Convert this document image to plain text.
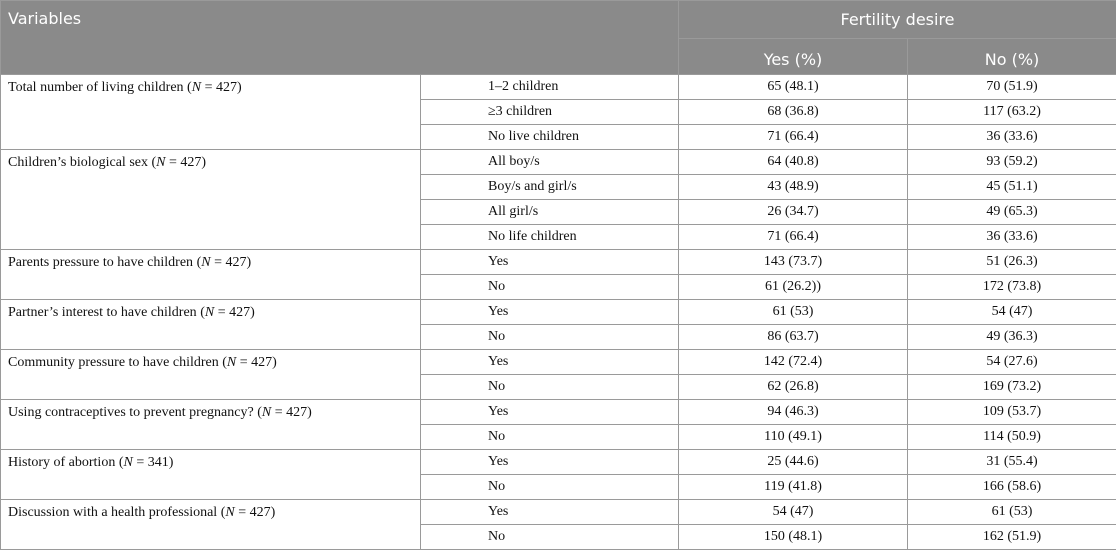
Variables		Fertility desire	
		Yes (%)	No (%)
Total number of living children (N = 427)	1–2 children	65 (48.1)	70 (51.9)
	≥3 children	68 (36.8)	117 (63.2)
	No live children	71 (66.4)	36 (33.6)
Children’s biological sex (N = 427)	All boy/s	64 (40.8)	93 (59.2)
	Boy/s and girl/s	43 (48.9)	45 (51.1)
	All girl/s	26 (34.7)	49 (65.3)
	No life children	71 (66.4)	36 (33.6)
Parents pressure to have children (N = 427)	Yes	143 (73.7)	51 (26.3)
	No	61 (26.2))	172 (73.8)
Partner’s interest to have children (N = 427)	Yes	61 (53)	54 (47)
	No	86 (63.7)	49 (36.3)
Community pressure to have children (N = 427)	Yes	142 (72.4)	54 (27.6)
	No	62 (26.8)	169 (73.2)
Using contraceptives to prevent pregnancy? (N = 427)	Yes	94 (46.3)	109 (53.7)
	No	110 (49.1)	114 (50.9)
History of abortion (N = 341)	Yes	25 (44.6)	31 (55.4)
	No	119 (41.8)	166 (58.6)
Discussion with a health professional (N = 427)	Yes	54 (47)	61 (53)
	No	150 (48.1)	162 (51.9)
